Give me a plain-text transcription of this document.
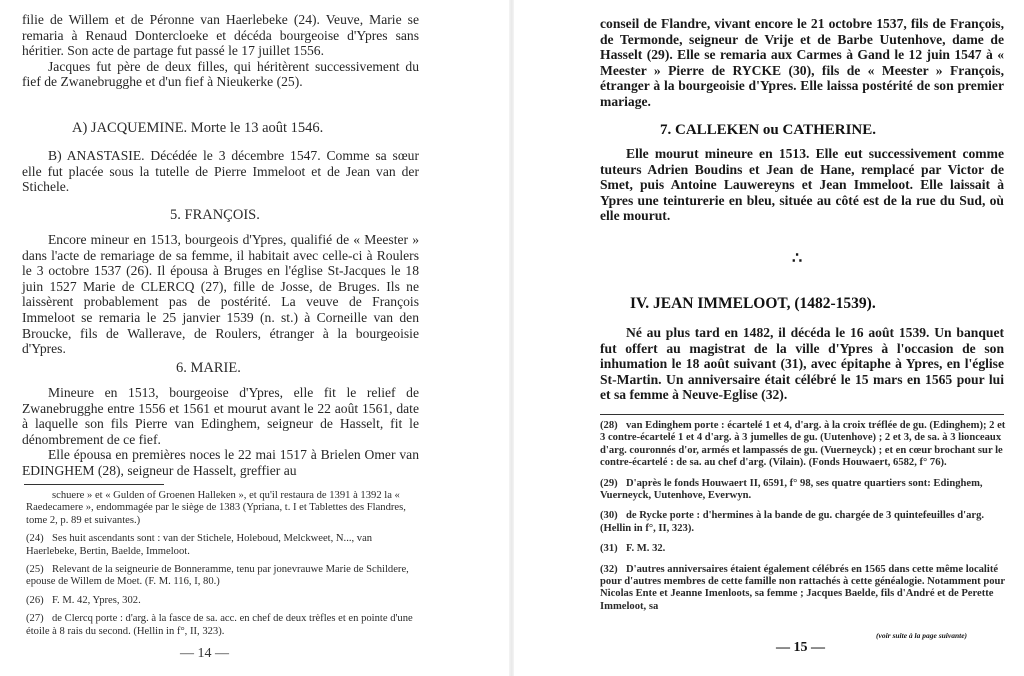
filie de Willem et de Péronne van Haerlebeke (24). Veuve, Marie se remaria à Renaud Dontercloeke et décéda bourgeoise d'Ypres sans héritier. Son acte de partage fut passé le 17 juillet 1556.

Jacques fut père de deux filles, qui héritèrent successivement du fief de Zwanebrugghe et d'un fief à Nieukerke (25).

A) JACQUEMINE. Morte le 13 août 1546.

B) ANASTASIE. Décédée le 3 décembre 1547. Comme sa sœur elle fut placée sous la tutelle de Pierre Immeloot et de Jean van der Stichele.

5. FRANÇOIS.

Encore mineur en 1513, bourgeois d'Ypres, qualifié de « Meester » dans l'acte de remariage de sa femme, il habitait avec celle-ci à Roulers le 3 octobre 1537 (26). Il épousa à Bruges en l'église St-Jacques le 18 juin 1527 Marie de CLERCQ (27), fille de Josse, de Bruges. Ils ne laissèrent probablement pas de postérité. La veuve de François Immeloot se remaria le 25 janvier 1539 (n. st.) à Corneille van den Broucke, fils de Wallerave, de Roulers, étranger à la bourgeoisie d'Ypres.

6. MARIE.

Mineure en 1513, bourgeoise d'Ypres, elle fit le relief de Zwanebrugghe entre 1556 et 1561 et mourut avant le 22 août 1561, date à laquelle son fils Pierre van Edinghem, seigneur de Hasselt, fit le dénombrement de ce fief.

Elle épousa en premières noces le 22 mai 1517 à Brielen Omer van EDINGHEM (28), seigneur de Hasselt, greffier au

schuere » et « Gulden of Groenen Halleken », et qu'il restaura de 1391 à 1392 la « Raedecamere », endommagée par le siège de 1383 (Ypriana, t. I et Tablettes des Flandres, tome 2, p. 89 et suivantes.)
(24) Ses huit ascendants sont : van der Stichele, Holeboud, Melckweet, N..., van Haerlebeke, Bertin, Baelde, Immeloot.
(25) Relevant de la seigneurie de Bonneramme, tenu par jonevrauwe Marie de Schildere, epouse de Willem de Moet. (F. M. 116, I, 80.)
(26) F. M. 42, Ypres, 302.
(27) de Clercq porte : d'arg. à la fasce de sa. acc. en chef de deux trèfles et en pointe d'une étoile à 8 rais du second. (Hellin in f°, II, 323).
— 14 —

conseil de Flandre, vivant encore le 21 octobre 1537, fils de François, de Termonde, seigneur de Vrije et de Barbe Uutenhove, dame de Hasselt (29). Elle se remaria aux Carmes à Gand le 12 juin 1547 à « Meester » Pierre de RYCKE (30), fils de « Meester » François, étranger à la bourgeoisie d'Ypres. Elle laissa postérité de son premier mariage.

7. CALLEKEN ou CATHERINE.

Elle mourut mineure en 1513. Elle eut successivement comme tuteurs Adrien Boudins et Jean de Hane, remplacé par Victor de Smet, puis Antoine Lauwereyns et Jean Immeloot. Elle laissait à Ypres une teinturerie en bleu, située au côté est de la rue du Sud, où elle mourut.

∴
IV. JEAN IMMELOOT, (1482-1539).

Né au plus tard en 1482, il décéda le 16 août 1539. Un banquet fut offert au magistrat de la ville d'Ypres à l'occasion de son inhumation le 18 août suivant (31), avec épitaphe à Ypres, en l'église St-Martin. Un anniversaire était célébré le 15 mars en 1565 pour lui et sa femme à Neuve-Eglise (32).

(28) van Edinghem porte : écartelé 1 et 4, d'arg. à la croix tréflée de gu. (Edinghem); 2 et 3 contre-écartelé 1 et 4 d'arg. à 3 jumelles de gu. (Uutenhove) ; 2 et 3, de sa. à 3 lionceaux d'arg. couronnés d'or, armés et lampassés de gu. (Vuerneyck) ; et en cœur brochant sur le contre-écartelé : de sa. au chef d'arg. (Vilain). (Fonds Houwaert, 6582, f° 76).
(29) D'après le fonds Houwaert II, 6591, f° 98, ses quatre quartiers sont: Edinghem, Vuerneyck, Uutenhove, Everwyn.
(30) de Rycke porte : d'hermines à la bande de gu. chargée de 3 quintefeuilles d'arg. (Hellin in f°, II, 323).
(31) F. M. 32.
(32) D'autres anniversaires étaient également célébrés en 1565 dans cette même localité pour d'autres membres de cette famille non rattachés à cette généalogie. Notamment pour Nicolas Ente et Jeanne Imenloots, sa femme ; Jacques Baelde, fils d'André et de Perette Immeloot, sa
(voir suite à la page suivante)
— 15 —
